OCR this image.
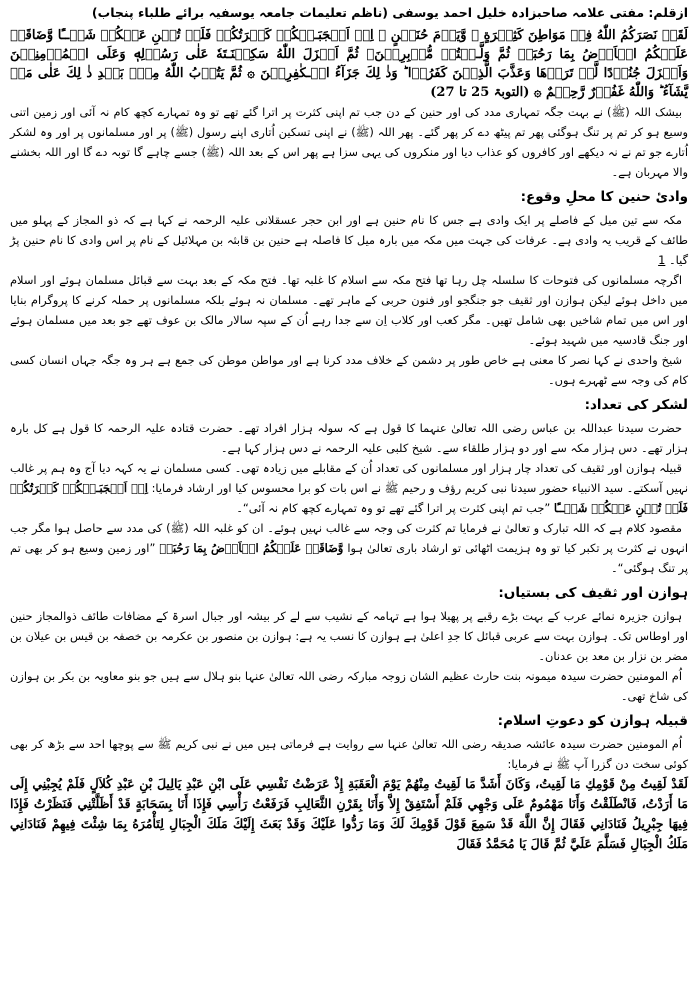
ازقلم: مفتی علامہ صاحبزادہ خلیل احمد یوسفی (ناظم تعلیمات جامعہ یوسفیہ برائے طلباء پنجاب)

لَقَدۡ نَصَرَكُمُ اللّٰهُ فِىۡ مَوَاطِنَ كَثِيۡرَةٍ ۙ وَّيَوۡمَ حُنَيۡنٍ ۙ اِذۡ اَعۡجَبَـتۡكُمۡ كَثۡرَتُكُمۡ فَلَمۡ تُغۡنِ عَنۡكُمۡ شَيۡــًٔا وَّضَاقَتۡ عَلَيۡكُمُ الۡاَرۡضُ بِمَا رَحُبَتۡ ثُمَّ وَلَّـيۡتُمۡ مُّدۡبِرِيۡنَ‌ۚ ثُمَّ اَنۡزَلَ اللّٰهُ سَكِيۡنَـتَهٗ عَلٰى رَسُوۡلِهٖ وَعَلَى الۡمُؤۡمِنِيۡنَ وَاَنۡزَلَ جُنُوۡدًا لَّمۡ تَرَوۡهَا وَعَذَّبَ الَّذِيۡنَ كَفَرُوۡا‌ ؕ وَذٰ لِكَ جَزَآءُ الۡـكٰفِرِيۡنَ‏ ۞ ثُمَّ يَتُوۡبُ اللّٰهُ مِنۡۢ بَعۡدِ ذٰ لِكَ عَلٰى مَنۡ يَّشَآءُ‌ ؕ وَاللّٰهُ غَفُوۡرٌ رَّحِيۡمٌ ۞ (التوبۃ 25 تا 27)

بیشک اللہ (ﷺ) نے بہت جگہ تمہاری مدد کی اور حنین کے دن جب تم اپنی کثرت پر اترا گئے تھے تو وہ تمہارے کچھ کام نہ آئی اور زمین اتنی وسیع ہو کر تم پر تنگ ہوگئی پھر تم پیٹھ دے کر پھر گئے۔ پھر اللہ (ﷺ) نے اپنی تسکین اُتاری اپنے رسول (ﷺ) پر اور مسلمانوں پر اور وہ لشکر اُتارے جو تم نے نہ دیکھے اور کافروں کو عذاب دیا اور منکروں کی یہی سزا ہے پھر اس کے بعد اللہ (ﷺ) جسے چاہے گا توبہ دے گا اور اللہ بخشنے والا مہربان ہے۔

وادیٔ حنین کا محلِ وقوع:

مکہ سے تین میل کے فاصلے پر ایک وادی ہے جس کا نام حنین ہے اور ابن حجر عسقلانی علیہ الرحمہ نے کہا ہے کہ ذو المجاز کے پہلو میں طائف کے قریب یہ وادی ہے۔ عرفات کی جہت میں مکہ میں بارہ میل کا فاصلہ ہے حنین بن قابثہ بن مہلائیل کے نام پر اس وادی کا نام حنین پڑ گیا۔ 1

اگرچہ مسلمانوں کی فتوحات کا سلسلہ چل رہا تھا فتح مکہ سے اسلام کا غلبہ تھا۔ فتح مکہ کے بعد بہت سے قبائل مسلمان ہوئے اور اسلام میں داخل ہوئے لیکن ہوازن اور ثقیف جو جنگجو اور فنون حربی کے ماہر تھے۔ مسلمان نہ ہوئے بلکہ مسلمانوں پر حملہ کرنے کا پروگرام بنایا اور اس میں تمام شاخیں بھی شامل تھیں۔ مگر کعب اور کلاب اِن سے جدا رہے اُن کے سپہ سالار مالک بن عوف تھے جو بعد میں مسلمان ہوئے اور جنگ قادسیہ میں شہید ہوئے۔

شیخ واحدی نے کہا نصر کا معنی ہے خاص طور پر دشمن کے خلاف مدد کرنا ہے اور مواطن موطن کی جمع ہے ہر وہ جگہ جہاں انسان کسی کام کی وجہ سے ٹھہرے ہوں۔

لشکر کی تعداد:

حضرت سیدنا عبداللہ بن عباس رضی اللہ تعالیٰ عنہما کا قول ہے کہ سولہ ہزار افراد تھے۔ حضرت قتادہ علیہ الرحمہ کا قول ہے کل بارہ ہزار تھے۔ دس ہزار مکہ سے اور دو ہزار طلقاء سے۔ شیخ کلبی علیہ الرحمہ نے دس ہزار کہا ہے۔

قبیلہ ہوازن اور ثقیف کی تعداد چار ہزار اور مسلمانوں کی تعداد اُن کے مقابلے میں زیادہ تھی۔ کسی مسلمان نے یہ کہہ دیا آج وہ ہم پر غالب نہیں آسکتے۔ سید الانبیاء حضور سیدنا نبی کریم رؤف و رحیم ﷺ نے اس بات کو برا محسوس کیا اور ارشاد فرمایا: اِذۡ اَعۡجَبَـتۡكُمۡ كَثۡرَتُكُمۡ فَلَمۡ تُغۡنِ عَنۡكُمۡ شَيۡــًٔا ”جب تم اپنی کثرت پر اترا گئے تھے تو وہ تمہارے کچھ کام نہ آئی“۔

مقصود کلام ہے کہ اللہ تبارک و تعالیٰ نے فرمایا تم کثرت کی وجہ سے غالب نہیں ہوئے۔ ان کو غلبہ اللہ (ﷺ) کی مدد سے حاصل ہوا مگر جب انہوں نے کثرت پر تکبر کیا تو وہ ہزیمت اٹھائی تو ارشاد باری تعالیٰ ہوا وَّضَاقَتۡ عَلَيۡكُمُ الۡاَرۡضُ بِمَا رَحُبَتۡ ”اور زمین وسیع ہو کر بھی تم پر تنگ ہوگئی“۔

ہوازن اور ثقیف کی بستیاں:

ہوازن جزیرہ نمائے عرب کے بہت بڑے رقبے پر پھیلا ہوا ہے تہامہ کے نشیب سے لے کر بیشہ اور جبال اسرۃ کے مضافات طائف ذوالمجاز حنین اور اوطاس تک۔ ہوازن بہت سے عربی قبائل کا جدِ اعلیٰ ہے ہوازن کا نسب یہ ہے: ہوازن بن منصور بن عکرمہ بن خصفہ بن قیس بن عیلان بن مضر بن نزار بن معد بن عدنان۔

اُم المومنین حضرت سیدہ میمونہ بنت حارث عظیم الشان زوجہ مبارکہ رضی اللہ تعالیٰ عنہا بنو ہلال سے ہیں جو بنو معاویہ بن بکر بن ہوازن کی شاخ تھی۔

قبیلہ ہوازن کو دعوتِ اسلام:

اُم المومنین حضرت سیدہ عائشہ صدیقہ رضی اللہ تعالیٰ عنہا سے روایت ہے فرماتی ہیں میں نے نبی کریم ﷺ سے پوچھا احد سے بڑھ کر بھی کوئی سخت دن گزرا آپ ﷺ نے فرمایا:

لَقَدْ لَقِيتُ مِنْ قَوْمِكِ مَا لَقِيتُ، وَكَانَ أَشَدَّ مَا لَقِيتُ مِنْهُمْ يَوْمَ الْعَقَبَةِ إِذْ عَرَضْتُ نَفْسِي عَلَى ابْنِ عَبْدِ يَالِيلَ بْنِ عَبْدِ كُلاَلٍ فَلَمْ يُجِبْنِي إِلَى مَا أَرَدْتُ، فَانْطَلَقْتُ وَأَنَا مَهْمُومٌ عَلَى وَجْهِي فَلَمْ أَسْتَفِقْ إِلاَّ وَأَنَا بِقَرْنِ الثَّعَالِبِ فَرَفَعْتُ رَأْسِي فَإِذَا أَنَا بِسَحَابَةٍ قَدْ أَظَلَّتْنِي فَنَظَرْتُ فَإِذَا فِيهَا جِبْرِيلُ فَنَادَانِي فَقَالَ إِنَّ اللَّهَ قَدْ سَمِعَ قَوْلَ قَوْمِكَ لَكَ وَمَا رَدُّوا عَلَيْكَ وَقَدْ بَعَثَ إِلَيْكَ مَلَكَ الْجِبَالِ لِتَأْمُرَهُ بِمَا شِئْتَ فِيهِمْ فَنَادَانِي مَلَكُ الْجِبَالِ فَسَلَّمَ عَلَيَّ ثُمَّ قَالَ يَا مُحَمَّدُ فَقَالَ
